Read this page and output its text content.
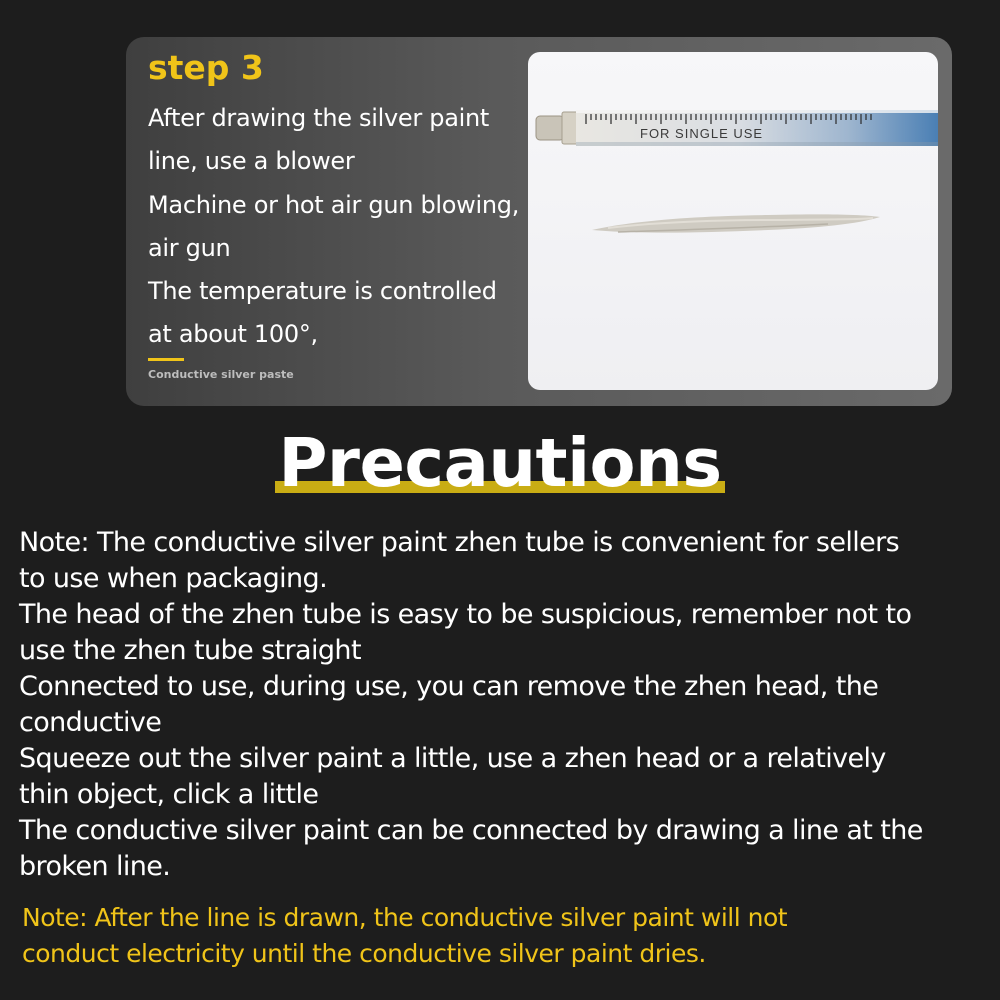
step 3
After drawing the silver paint
line, use a blower
Machine or hot air gun blowing,
air gun
The temperature is controlled
at about 100°,
Conductive silver paste
FOR SINGLE USE
Precautions
Note: The conductive silver paint zhen tube is convenient for sellers
to use when packaging.
The head of the zhen tube is easy to be suspicious, remember not to
use the zhen tube straight
Connected to use, during use, you can remove the zhen head, the
conductive
Squeeze out the silver paint a little, use a zhen head or a relatively
thin object, click a little
The conductive silver paint can be connected by drawing a line at the
broken line.
Note: After the line is drawn, the conductive silver paint will not
conduct electricity until the conductive silver paint dries.
